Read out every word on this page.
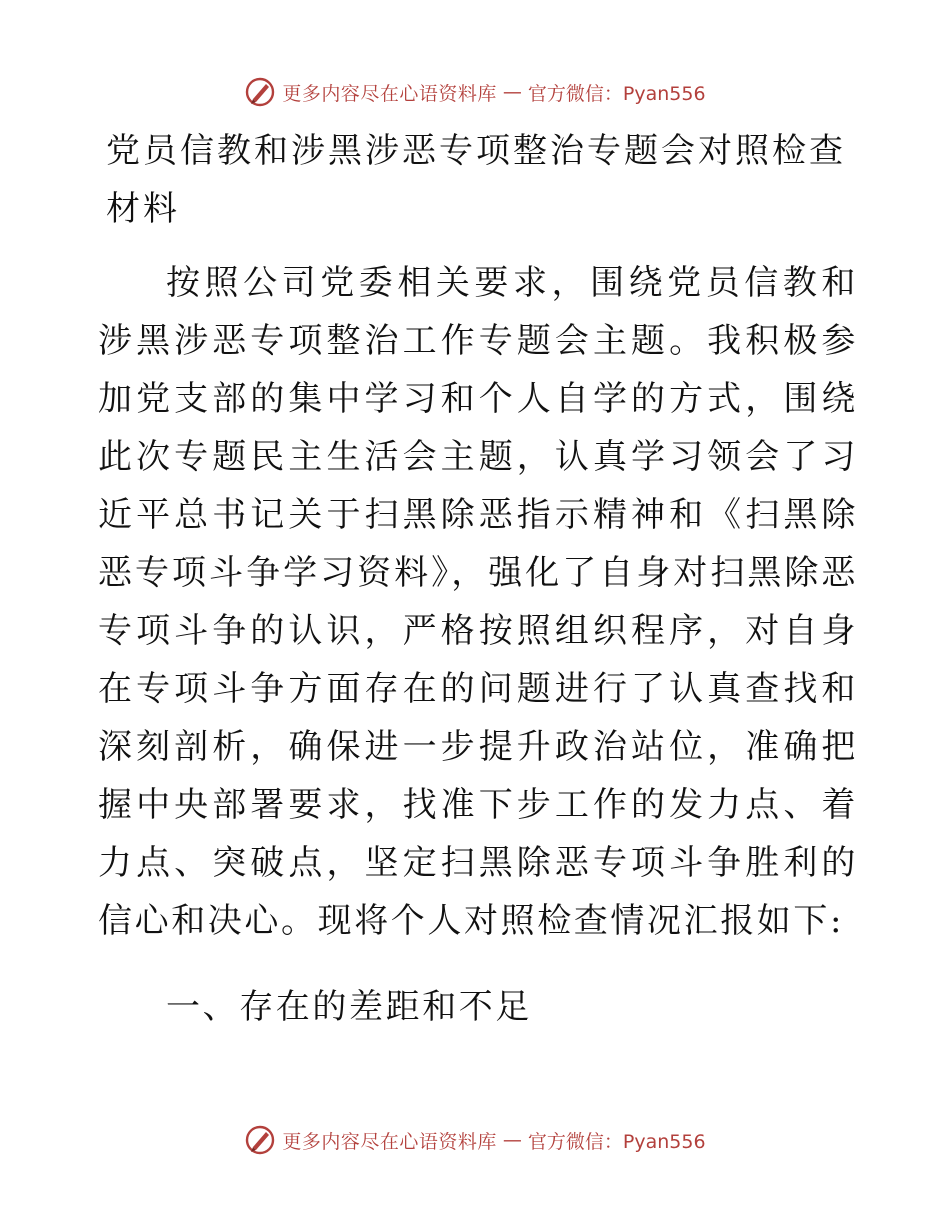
更多内容尽在心语资料库 — 官方微信：Pyan556
党员信教和涉黑涉恶专项整治专题会对照检查材料

按照公司党委相关要求，围绕党员信教和涉黑涉恶专项整治工作专题会主题。我积极参加党支部的集中学习和个人自学的方式，围绕此次专题民主生活会主题，认真学习领会了习近平总书记关于扫黑除恶指示精神和《扫黑除恶专项斗争学习资料》，强化了自身对扫黑除恶专项斗争的认识，严格按照组织程序，对自身在专项斗争方面存在的问题进行了认真查找和深刻剖析，确保进一步提升政治站位，准确把握中央部署要求，找准下步工作的发力点、着力点、突破点，坚定扫黑除恶专项斗争胜利的信心和决心。现将个人对照检查情况汇报如下:

一、存在的差距和不足
更多内容尽在心语资料库 — 官方微信：Pyan556
